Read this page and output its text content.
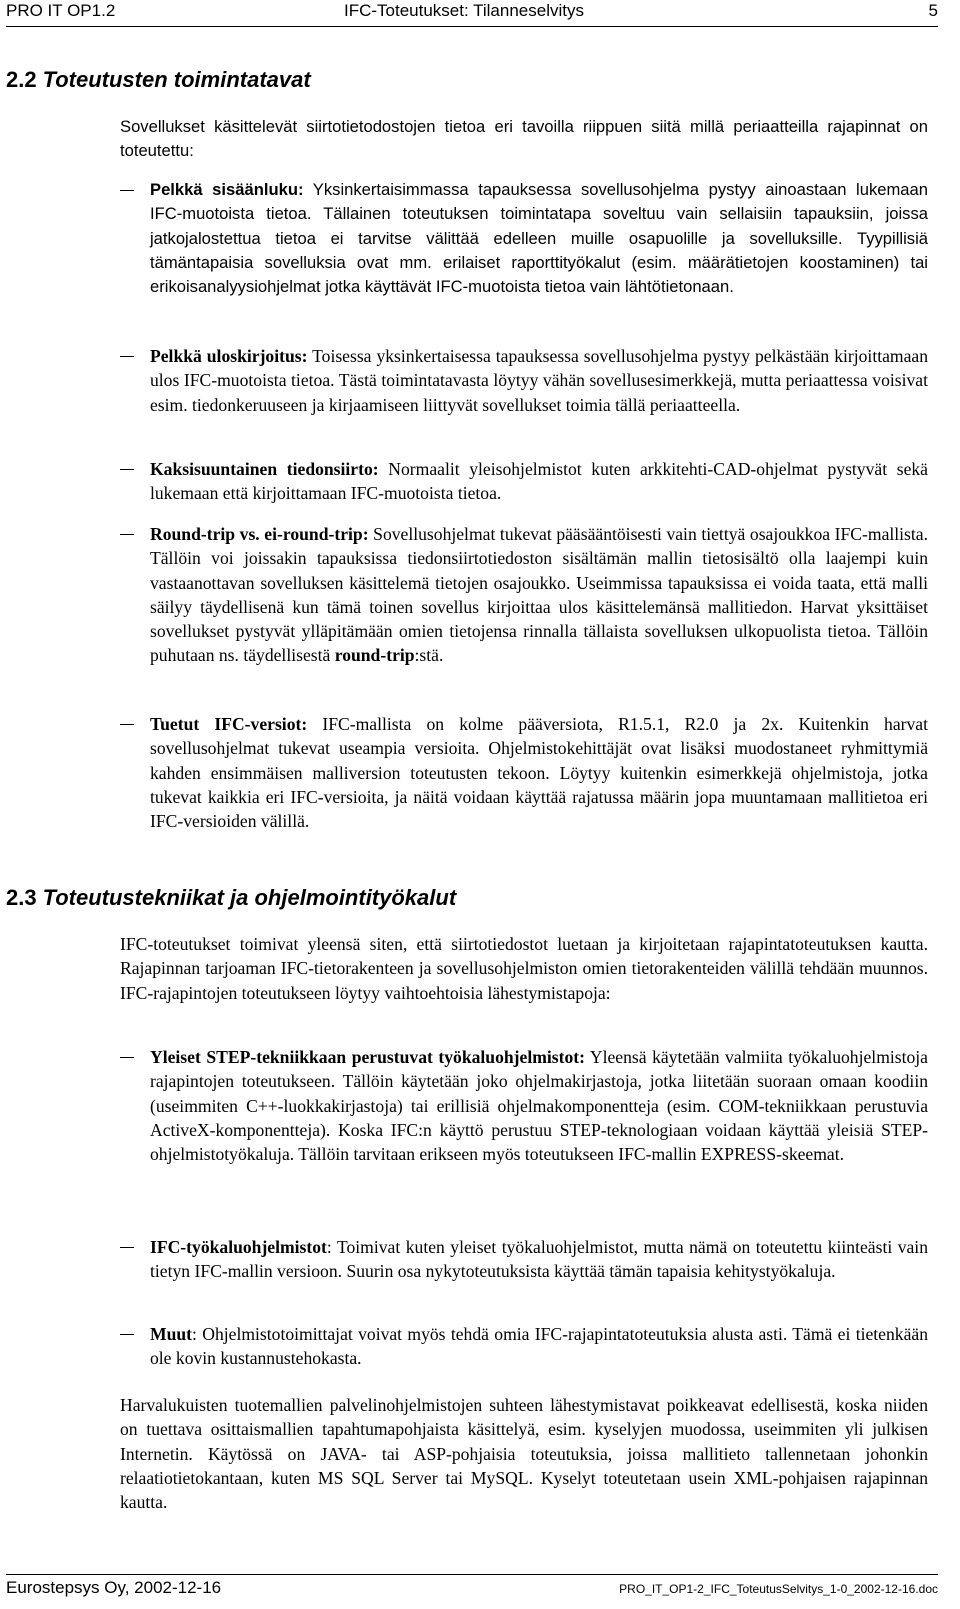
PRO IT OP1.2	IFC-Toteutukset: Tilanneselvitys	5
2.2 Toteutusten toimintatavat

Sovellukset käsittelevät siirtotietodostojen tietoa eri tavoilla riippuen siitä millä periaatteilla rajapinnat on toteutettu:

Pelkkä sisäänluku: Yksinkertaisimmassa tapauksessa sovellusohjelma pystyy ainoastaan lukemaan IFC-muotoista tietoa. Tällainen toteutuksen toimintatapa soveltuu vain sellaisiin tapauksiin, joissa jatkojalostettua tietoa ei tarvitse välittää edelleen muille osapuolille ja sovelluksille. Tyypillisiä tämäntapaisia sovelluksia ovat mm. erilaiset raporttityökalut (esim. määrätietojen koostaminen) tai erikoisanalyysiohjelmat jotka käyttävät IFC-muotoista tietoa vain lähtötietonaan.

Pelkkä uloskirjoitus: Toisessa yksinkertaisessa tapauksessa sovellusohjelma pystyy pelkästään kirjoittamaan ulos IFC-muotoista tietoa. Tästä toimintatavasta löytyy vähän sovellusesimerkkejä, mutta periaattessa voisivat esim. tiedonkeruuseen ja kirjaamiseen liittyvät sovellukset toimia tällä periaatteella.

Kaksisuuntainen tiedonsiirto: Normaalit yleisohjelmistot kuten arkkitehti-CAD-ohjelmat pystyvät sekä lukemaan että kirjoittamaan IFC-muotoista tietoa.

Round-trip vs. ei-round-trip: Sovellusohjelmat tukevat pääsääntöisesti vain tiettyä osajoukkoa IFC-mallista. Tällöin voi joissakin tapauksissa tiedonsiirtotiedoston sisältämän mallin tietosisältö olla laajempi kuin vastaanottavan sovelluksen käsittelemä tietojen osajoukko. Useimmissa tapauksissa ei voida taata, että malli säilyy täydellisenä kun tämä toinen sovellus kirjoittaa ulos käsittelemänsä mallitiedon. Harvat yksittäiset sovellukset pystyvät ylläpitämään omien tietojensa rinnalla tällaista sovelluksen ulkopuolista tietoa. Tällöin puhutaan ns. täydellisestä round-trip:stä.

Tuetut IFC-versiot: IFC-mallista on kolme pääversiota, R1.5.1, R2.0 ja 2x. Kuitenkin harvat sovellusohjelmat tukevat useampia versioita. Ohjelmistokehittäjät ovat lisäksi muodostaneet ryhmittymiä kahden ensimmäisen malliversion toteutusten tekoon. Löytyy kuitenkin esimerkkejä ohjelmistoja, jotka tukevat kaikkia eri IFC-versioita, ja näitä voidaan käyttää rajatussa määrin jopa muuntamaan mallitietoa eri IFC-versioiden välillä.

2.3 Toteutustekniikat ja ohjelmointityökalut

IFC-toteutukset toimivat yleensä siten, että siirtotiedostot luetaan ja kirjoitetaan rajapintatoteutuksen kautta. Rajapinnan tarjoaman IFC-tietorakenteen ja sovellusohjelmiston omien tietorakenteiden välillä tehdään muunnos. IFC-rajapintojen toteutukseen löytyy vaihtoehtoisia lähestymistapoja:

Yleiset STEP-tekniikkaan perustuvat työkaluohjelmistot: Yleensä käytetään valmiita työkaluohjelmistoja rajapintojen toteutukseen. Tällöin käytetään joko ohjelmakirjastoja, jotka liitetään suoraan omaan koodiin (useimmiten C++-luokkakirjastoja) tai erillisiä ohjelmakomponentteja (esim. COM-tekniikkaan perustuvia ActiveX-komponentteja). Koska IFC:n käyttö perustuu STEP-teknologiaan voidaan käyttää yleisiä STEP-ohjelmistotyökaluja. Tällöin tarvitaan erikseen myös toteutukseen IFC-mallin EXPRESS-skeemat.

IFC-työkaluohjelmistot: Toimivat kuten yleiset työkaluohjelmistot, mutta nämä on toteutettu kiinteästi vain tietyn IFC-mallin versioon. Suurin osa nykytoteutuksista käyttää tämän tapaisia kehitystyökaluja.

Muut: Ohjelmistotoimittajat voivat myös tehdä omia IFC-rajapintatoteutuksia alusta asti. Tämä ei tietenkään ole kovin kustannustehokasta.

Harvalukuisten tuotemallien palvelinohjelmistojen suhteen lähestymistavat poikkeavat edellisestä, koska niiden on tuettava osittaismallien tapahtumapohjaista käsittelyä, esim. kyselyjen muodossa, useimmiten yli julkisen Internetin. Käytössä on JAVA- tai ASP-pohjaisia toteutuksia, joissa mallitieto tallennetaan johonkin relaatiotietokantaan, kuten MS SQL Server tai MySQL. Kyselyt toteutetaan usein XML-pohjaisen rajapinnan kautta.

Eurostepsys Oy, 2002-12-16	PRO_IT_OP1-2_IFC_ToteutusSelvitys_1-0_2002-12-16.doc
